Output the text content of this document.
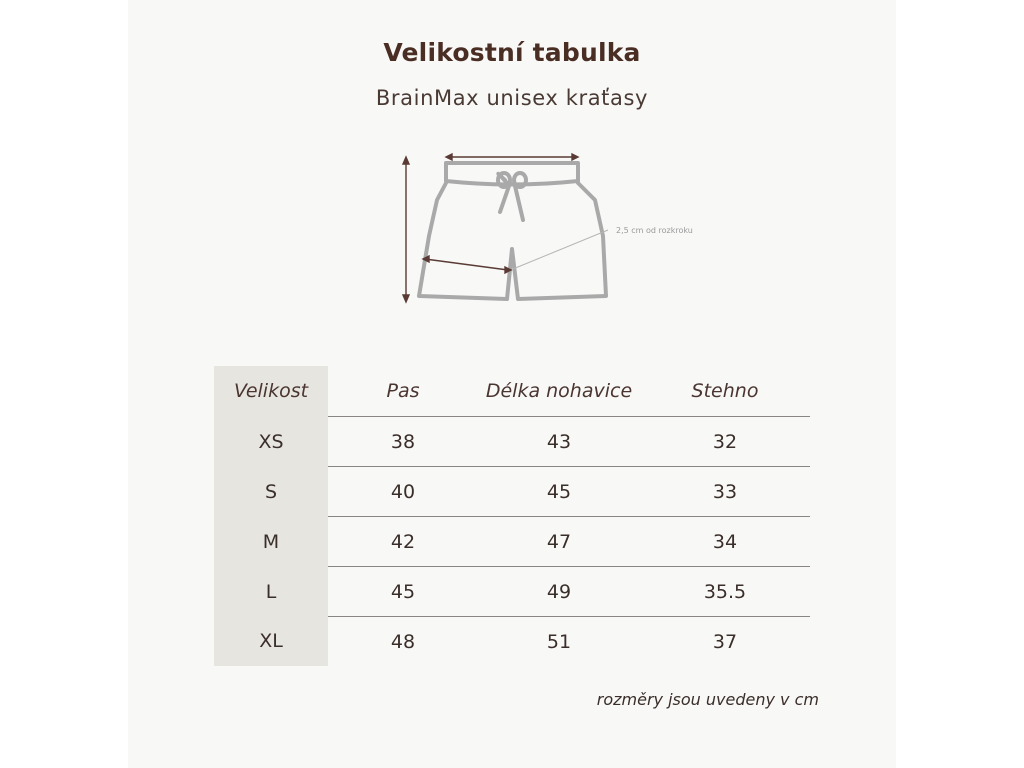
Velikostní tabulka
BrainMax unisex kraťasy
2,5 cm od rozkroku
Velikost	Pas	Délka nohavice	Stehno
XS	38	43	32
S	40	45	33
M	42	47	34
L	45	49	35.5
XL	48	51	37
rozměry jsou uvedeny v cm
